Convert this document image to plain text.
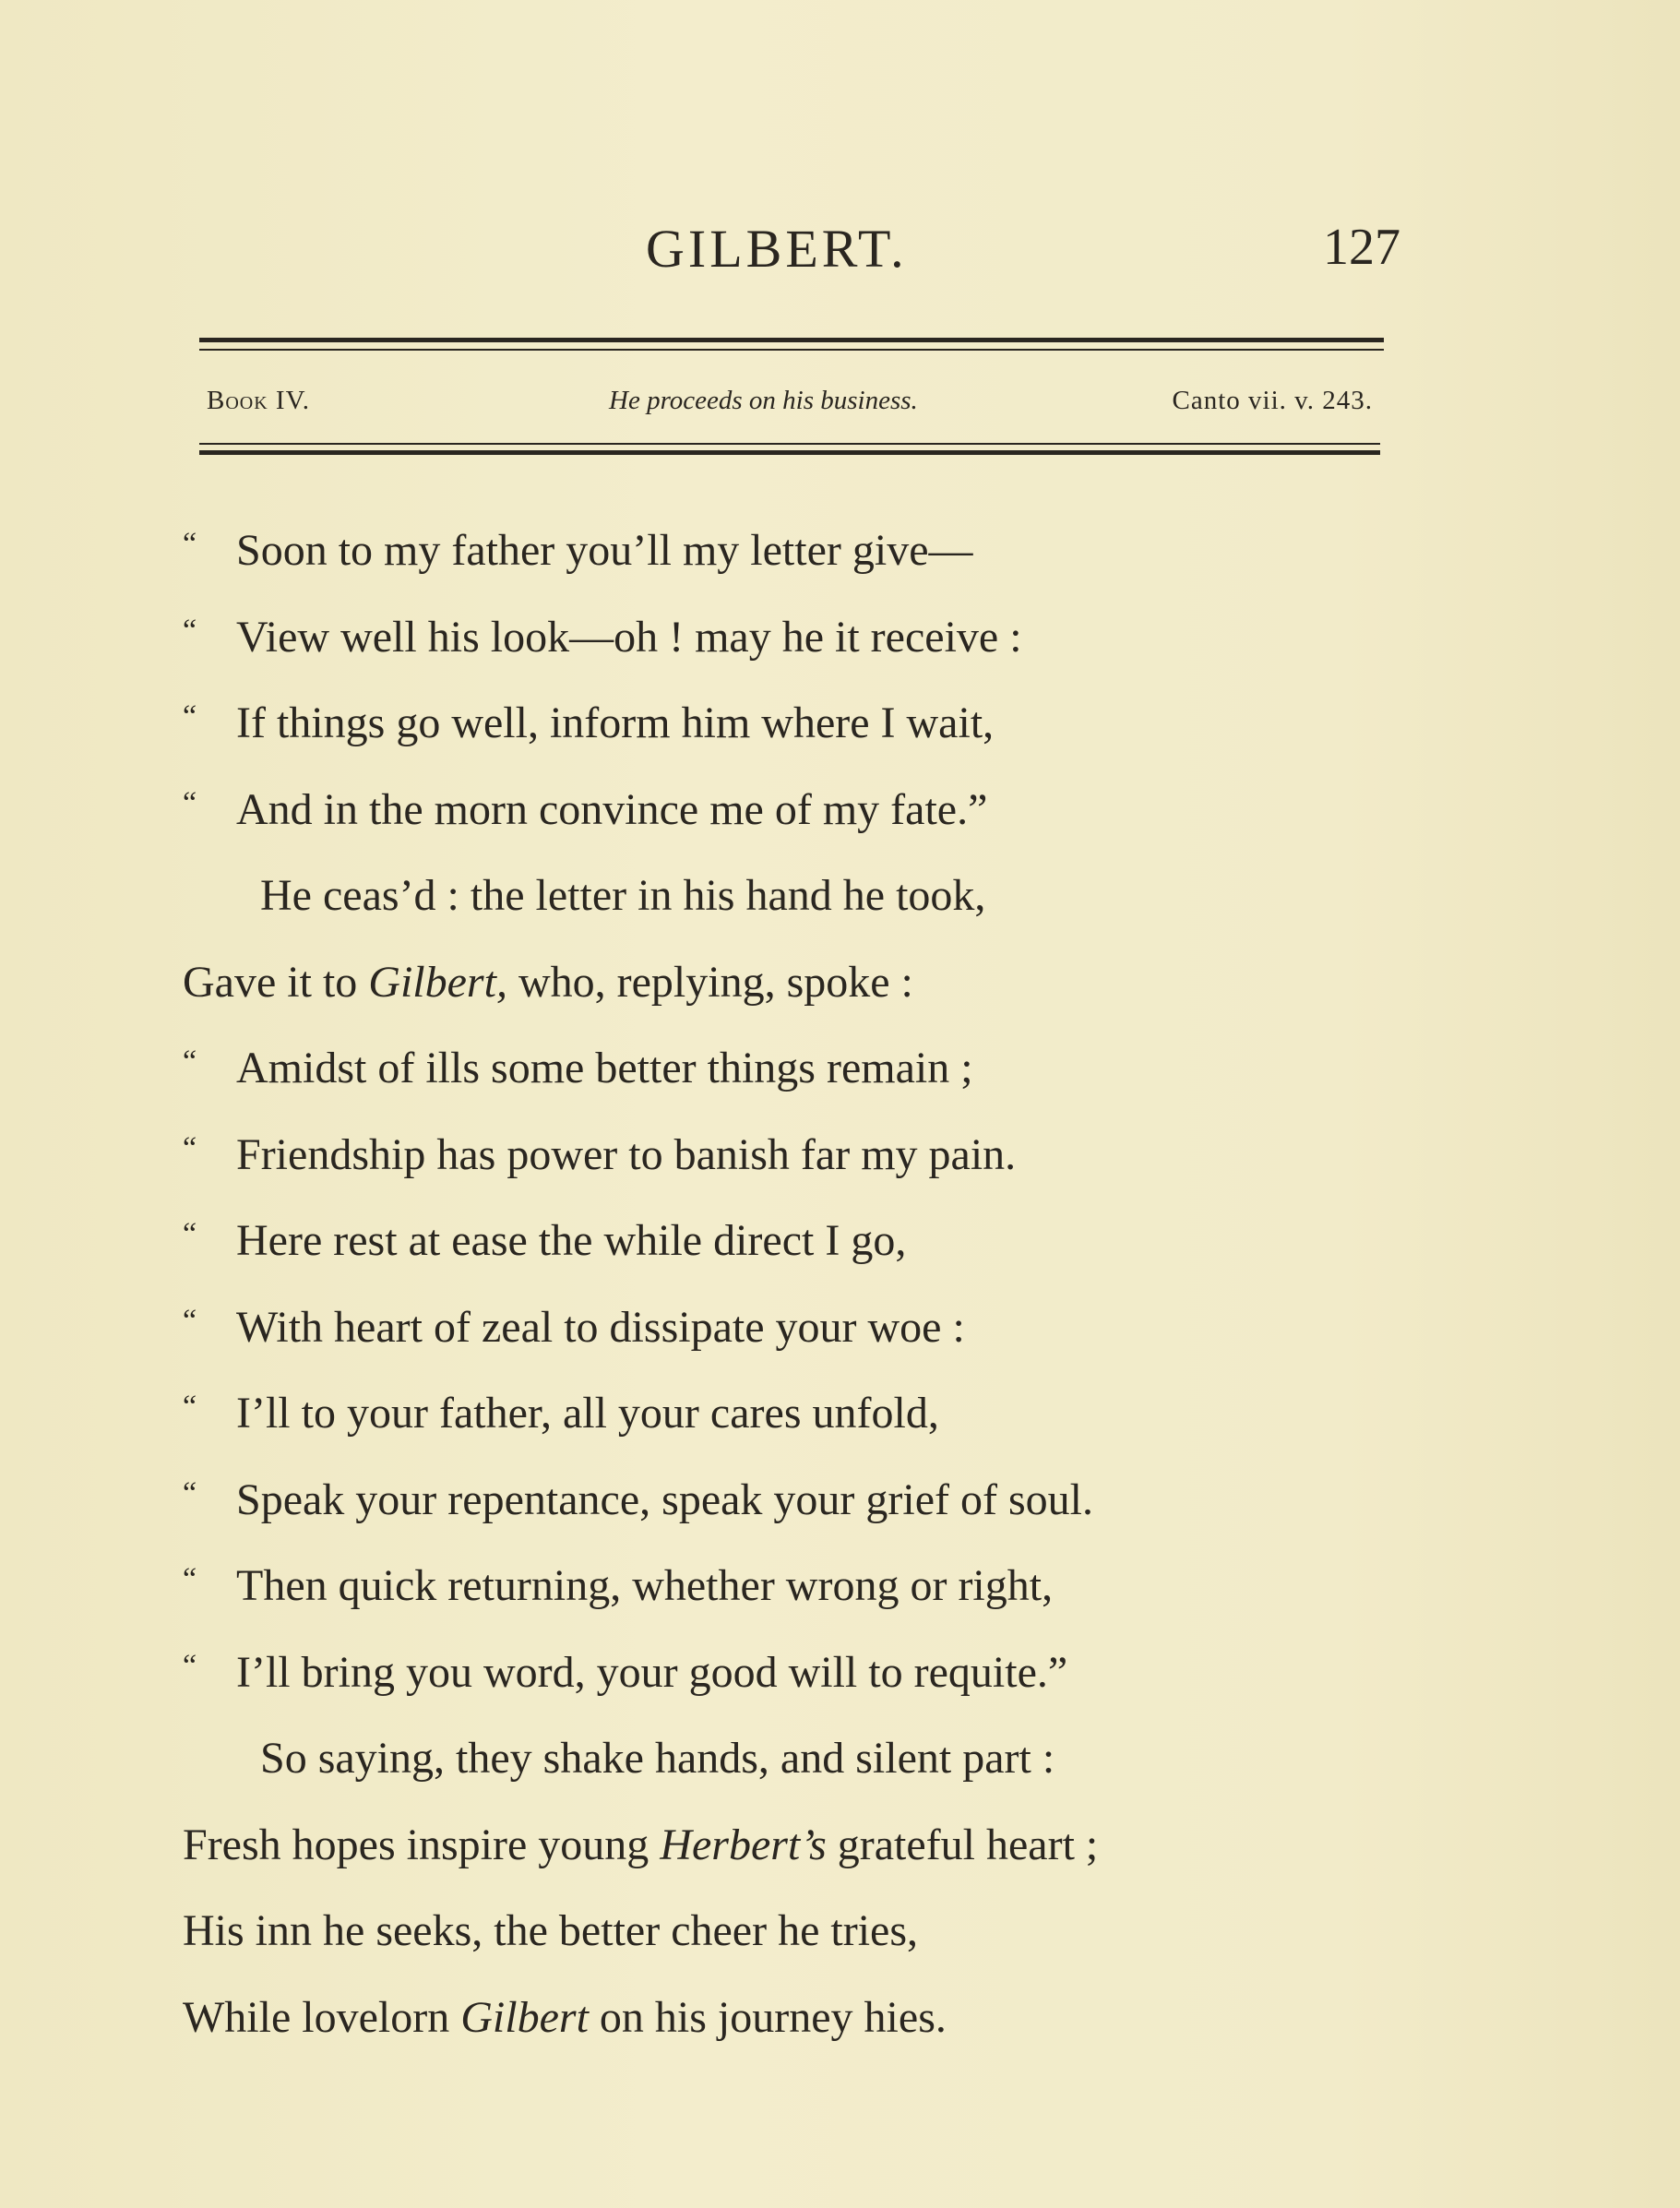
GILBERT.	127
Book IV.	He proceeds on his business.	Canto vii. v. 243.
“ Soon to my father you’ll my letter give—
“ View well his look—oh ! may he it receive :
“ If things go well, inform him where I wait,
“ And in the morn convince me of my fate.”
He ceas’d : the letter in his hand he took,
Gave it to Gilbert, who, replying, spoke :
“ Amidst of ills some better things remain ;
“ Friendship has power to banish far my pain.
“ Here rest at ease the while direct I go,
“ With heart of zeal to dissipate your woe :
“ I’ll to your father, all your cares unfold,
“ Speak your repentance, speak your grief of soul.
“ Then quick returning, whether wrong or right,
“ I’ll bring you word, your good will to requite.”
So saying, they shake hands, and silent part :
Fresh hopes inspire young Herbert’s grateful heart ;
His inn he seeks, the better cheer he tries,
While lovelorn Gilbert on his journey hies.
